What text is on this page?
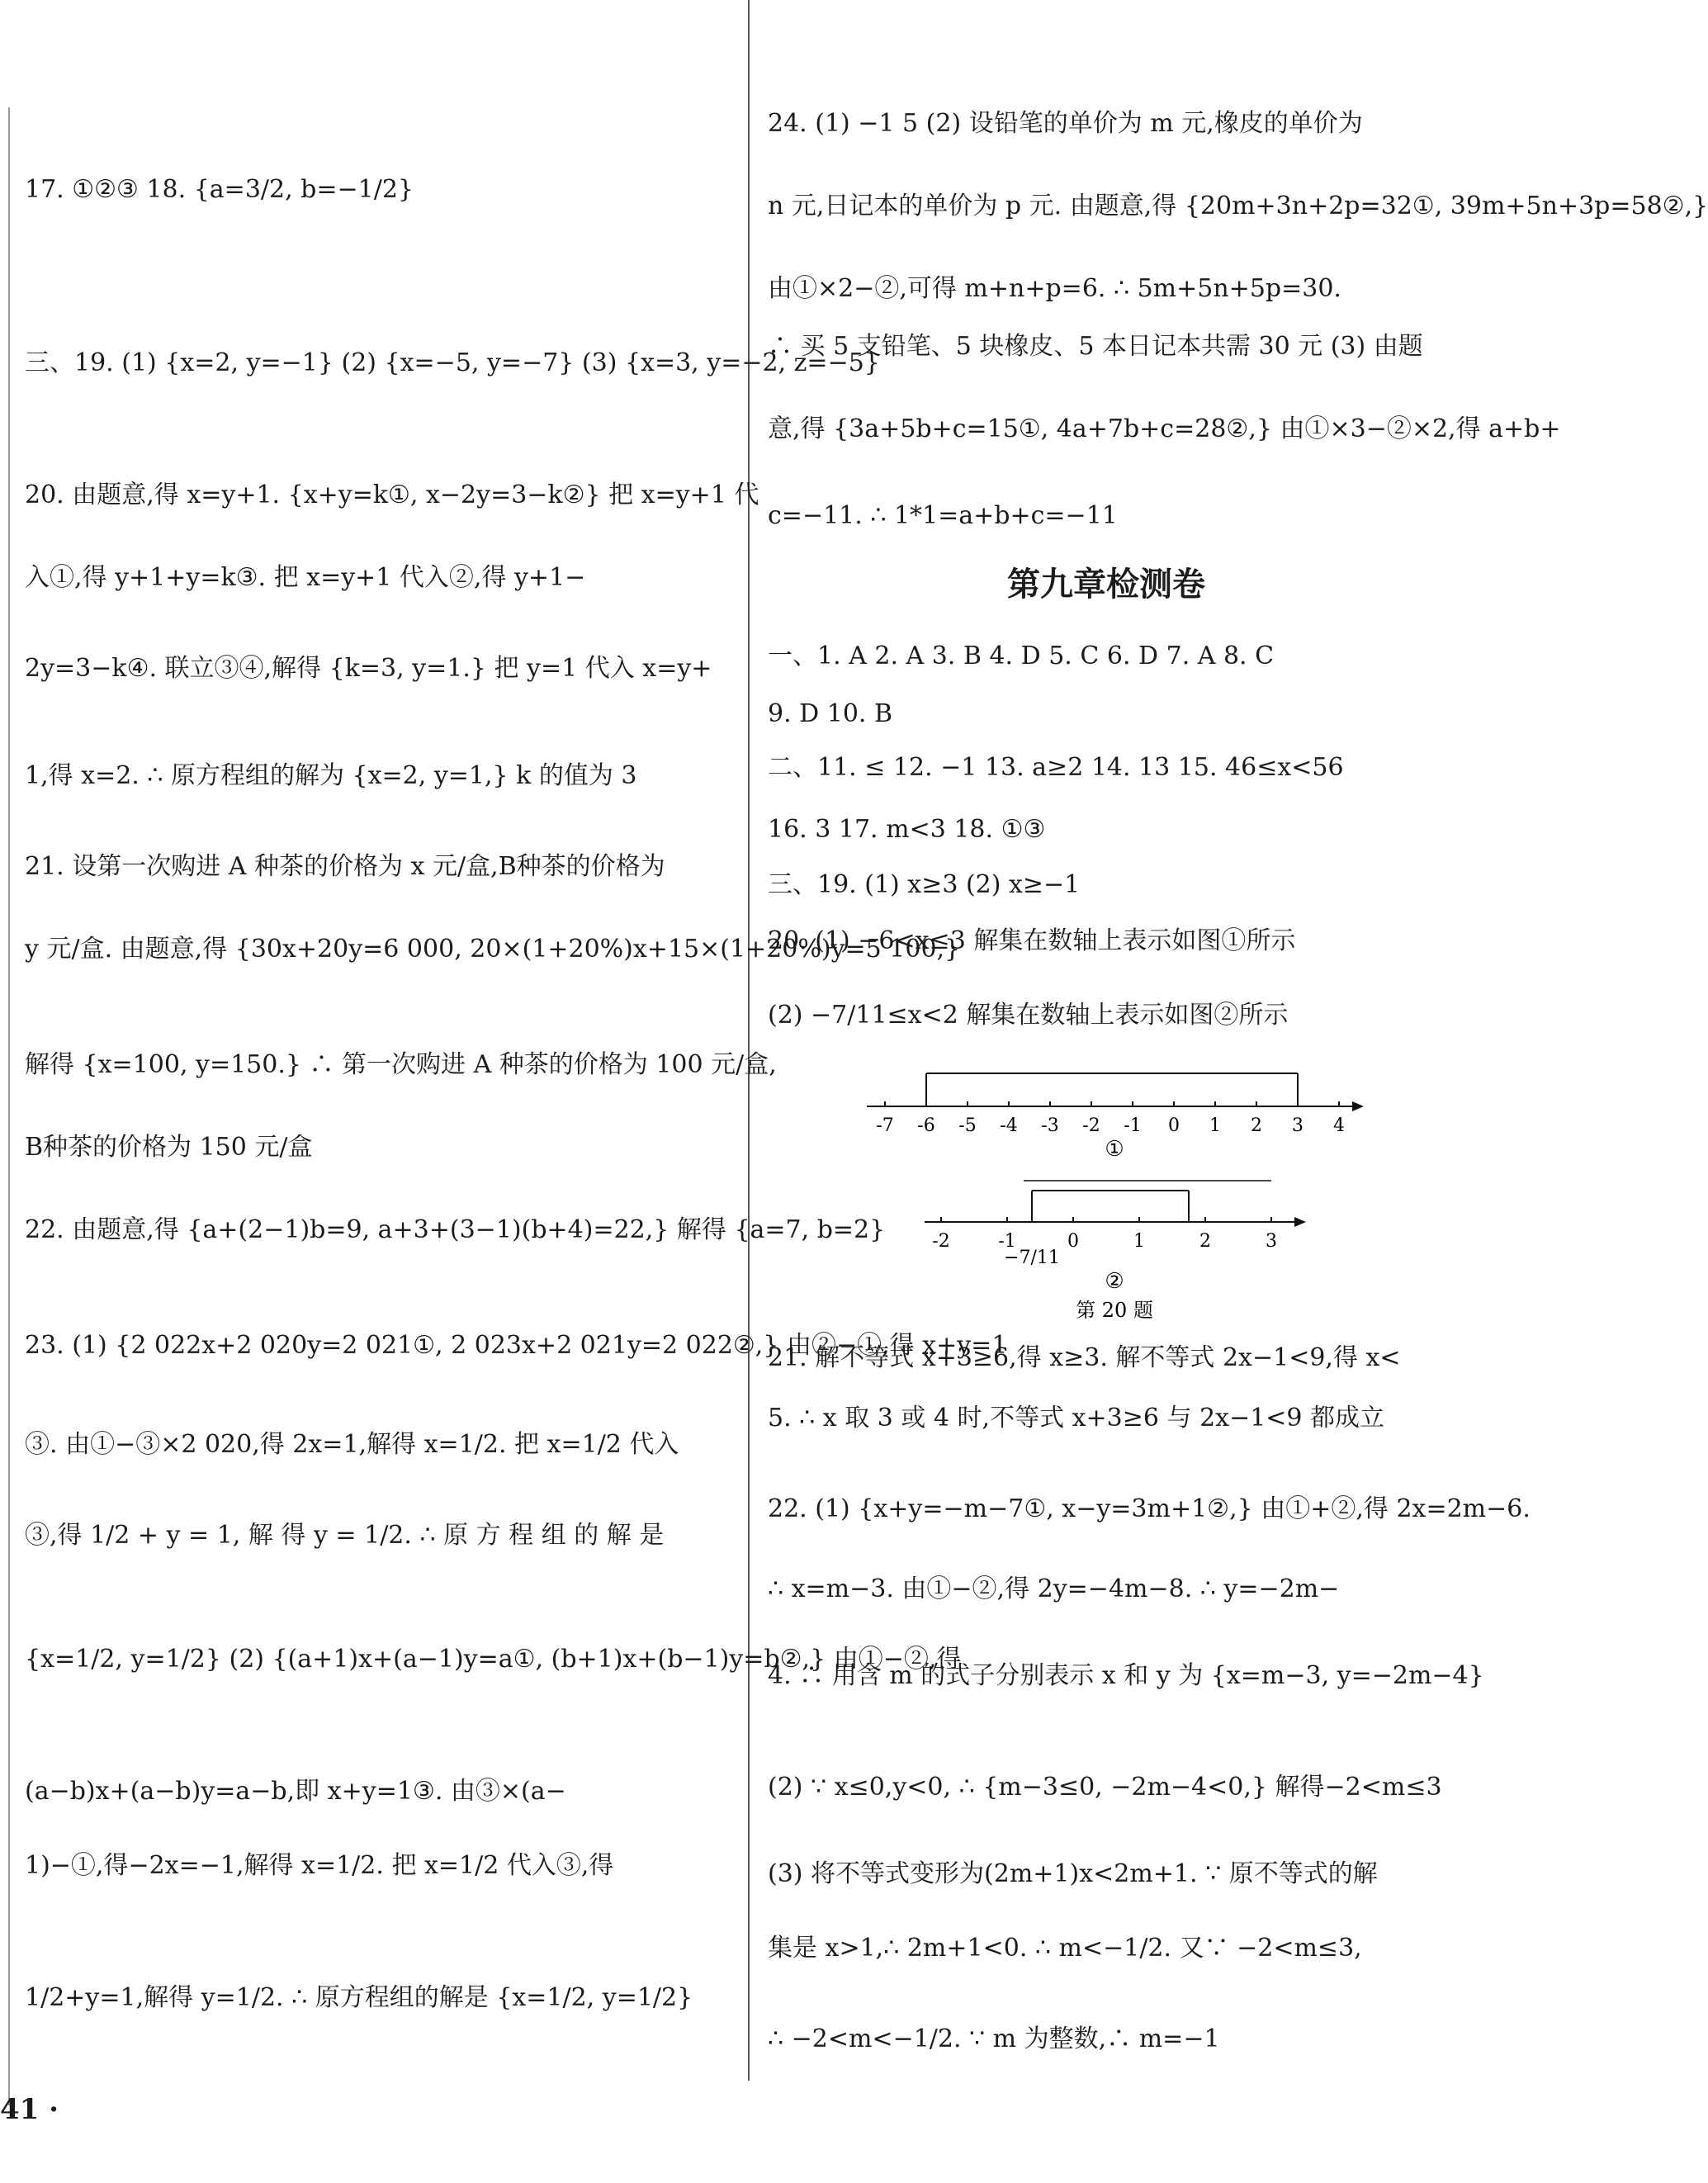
17. ①②③ 18. {a=3/2, b=−1/2}
三、19. (1) {x=2, y=−1} (2) {x=−5, y=−7} (3) {x=3, y=−2, z=−5}
20. 由题意,得 x=y+1. {x+y=k①, x−2y=3−k②} 把 x=y+1 代
入①,得 y+1+y=k③. 把 x=y+1 代入②,得 y+1−
2y=3−k④. 联立③④,解得 {k=3, y=1.} 把 y=1 代入 x=y+
1,得 x=2. ∴ 原方程组的解为 {x=2, y=1,} k 的值为 3
21. 设第一次购进 A 种茶的价格为 x 元/盒,B种茶的价格为
y 元/盒. 由题意,得 {30x+20y=6 000, 20×(1+20%)x+15×(1+20%)y=5 100,}
解得 {x=100, y=150.} ∴ 第一次购进 A 种茶的价格为 100 元/盒,
B种茶的价格为 150 元/盒
22. 由题意,得 {a+(2−1)b=9, a+3+(3−1)(b+4)=22,} 解得 {a=7, b=2}
23. (1) {2 022x+2 020y=2 021①, 2 023x+2 021y=2 022②,} 由②−①,得 x+y=1
③. 由①−③×2 020,得 2x=1,解得 x=1/2. 把 x=1/2 代入
③,得 1/2 + y = 1, 解 得 y = 1/2. ∴ 原 方 程 组 的 解 是
{x=1/2, y=1/2} (2) {(a+1)x+(a−1)y=a①, (b+1)x+(b−1)y=b②,} 由①−②,得
(a−b)x+(a−b)y=a−b,即 x+y=1③. 由③×(a−
1)−①,得−2x=−1,解得 x=1/2. 把 x=1/2 代入③,得
1/2+y=1,解得 y=1/2. ∴ 原方程组的解是 {x=1/2, y=1/2}
24. (1) −1 5 (2) 设铅笔的单价为 m 元,橡皮的单价为
n 元,日记本的单价为 p 元. 由题意,得 {20m+3n+2p=32①, 39m+5n+3p=58②,}
由①×2−②,可得 m+n+p=6. ∴ 5m+5n+5p=30.
∴ 买 5 支铅笔、5 块橡皮、5 本日记本共需 30 元 (3) 由题
意,得 {3a+5b+c=15①, 4a+7b+c=28②,} 由①×3−②×2,得 a+b+
c=−11. ∴ 1*1=a+b+c=−11
第九章检测卷
一、1. A 2. A 3. B 4. D 5. C 6. D 7. A 8. C
9. D 10. B
二、11. ≤ 12. −1 13. a≥2 14. 13 15. 46≤x<56
16. 3 17. m<3 18. ①③
三、19. (1) x≥3 (2) x≥−1
20. (1) −6<x≤3 解集在数轴上表示如图①所示
(2) −7/11≤x<2 解集在数轴上表示如图②所示
-7 -6 -5 -4 -3 -2 -1 0 1 2 3 4
①
-2	-1	0	1	2	3
−7/11
②
第 20 题
21. 解不等式 x+3≥6,得 x≥3. 解不等式 2x−1<9,得 x<
5. ∴ x 取 3 或 4 时,不等式 x+3≥6 与 2x−1<9 都成立
22. (1) {x+y=−m−7①, x−y=3m+1②,} 由①+②,得 2x=2m−6.
∴ x=m−3. 由①−②,得 2y=−4m−8. ∴ y=−2m−
4. ∴ 用含 m 的式子分别表示 x 和 y 为 {x=m−3, y=−2m−4}
(2) ∵ x≤0,y<0, ∴ {m−3≤0, −2m−4<0,} 解得−2<m≤3
(3) 将不等式变形为(2m+1)x<2m+1. ∵ 原不等式的解
集是 x>1,∴ 2m+1<0. ∴ m<−1/2. 又∵ −2<m≤3,
∴ −2<m<−1/2. ∵ m 为整数,∴ m=−1
41 ·
